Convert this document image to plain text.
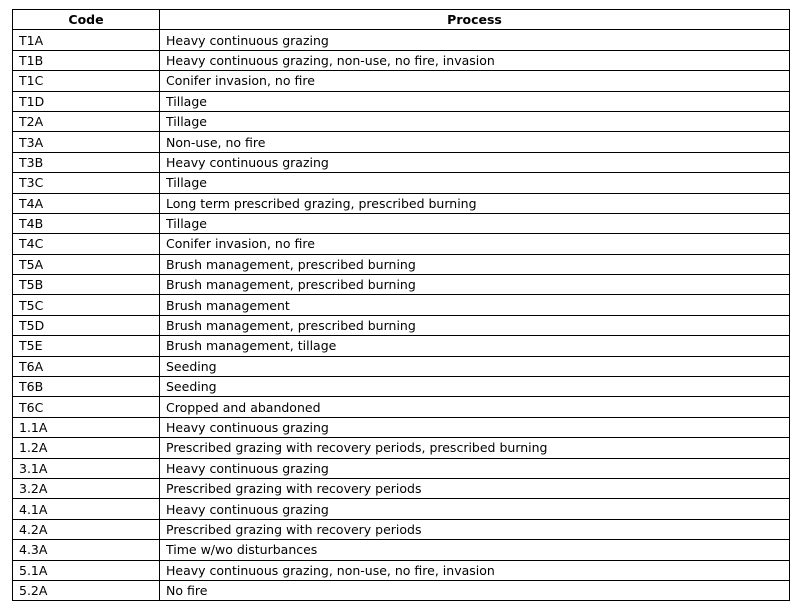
Code	Process
T1A	Heavy continuous grazing
T1B	Heavy continuous grazing, non-use, no fire, invasion
T1C	Conifer invasion, no fire
T1D	Tillage
T2A	Tillage
T3A	Non-use, no fire
T3B	Heavy continuous grazing
T3C	Tillage
T4A	Long term prescribed grazing, prescribed burning
T4B	Tillage
T4C	Conifer invasion, no fire
T5A	Brush management, prescribed burning
T5B	Brush management, prescribed burning
T5C	Brush management
T5D	Brush management, prescribed burning
T5E	Brush management, tillage
T6A	Seeding
T6B	Seeding
T6C	Cropped and abandoned
1.1A	Heavy continuous grazing
1.2A	Prescribed grazing with recovery periods, prescribed burning
3.1A	Heavy continuous grazing
3.2A	Prescribed grazing with recovery periods
4.1A	Heavy continuous grazing
4.2A	Prescribed grazing with recovery periods
4.3A	Time w/wo disturbances
5.1A	Heavy continuous grazing, non-use, no fire, invasion
5.2A	No fire
